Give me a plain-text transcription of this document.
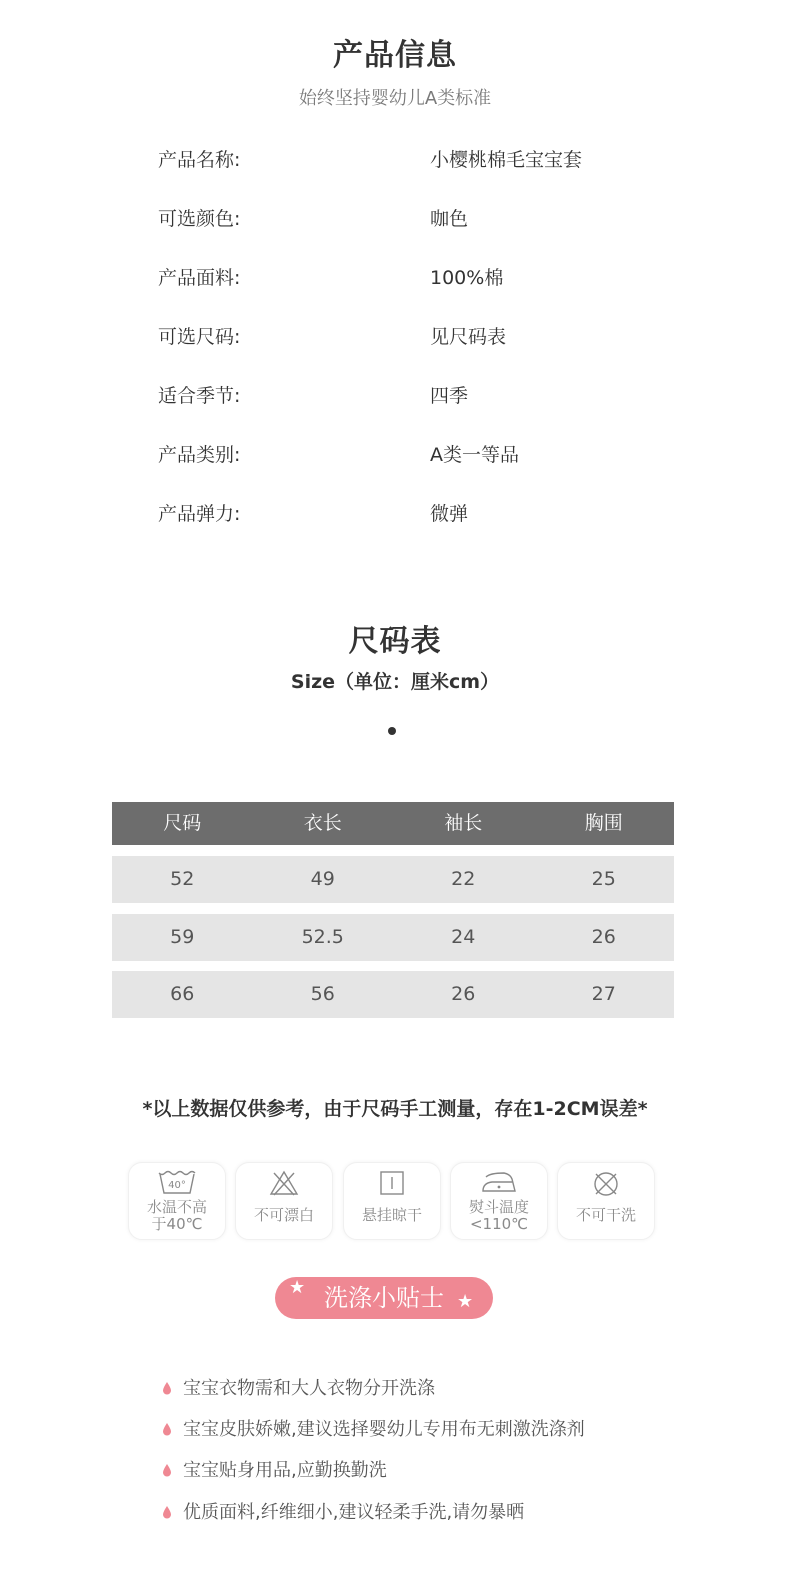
产品信息
始终坚持婴幼儿A类标准
产品名称:	小樱桃棉毛宝宝套
可选颜色:	咖色
产品面料:	100%棉
可选尺码:	见尺码表
适合季节:	四季
产品类别:	A类一等品
产品弹力:	微弹
尺码表
Size（单位：厘米cm）
尺码	衣长	袖长	胸围
52	49	22	25
59	52.5	24	26
66	56	26	27
*以上数据仅供参考，由于尺码手工测量，存在1-2CM误差*
40°
水温不高
于40℃	不可漂白	悬挂晾干	熨斗温度
<110℃	不可干洗
★ 洗涤小贴士 ★
宝宝衣物需和大人衣物分开洗涤
宝宝皮肤娇嫩,建议选择婴幼儿专用布无刺激洗涤剂
宝宝贴身用品,应勤换勤洗
优质面料,纤维细小,建议轻柔手洗,请勿暴晒
